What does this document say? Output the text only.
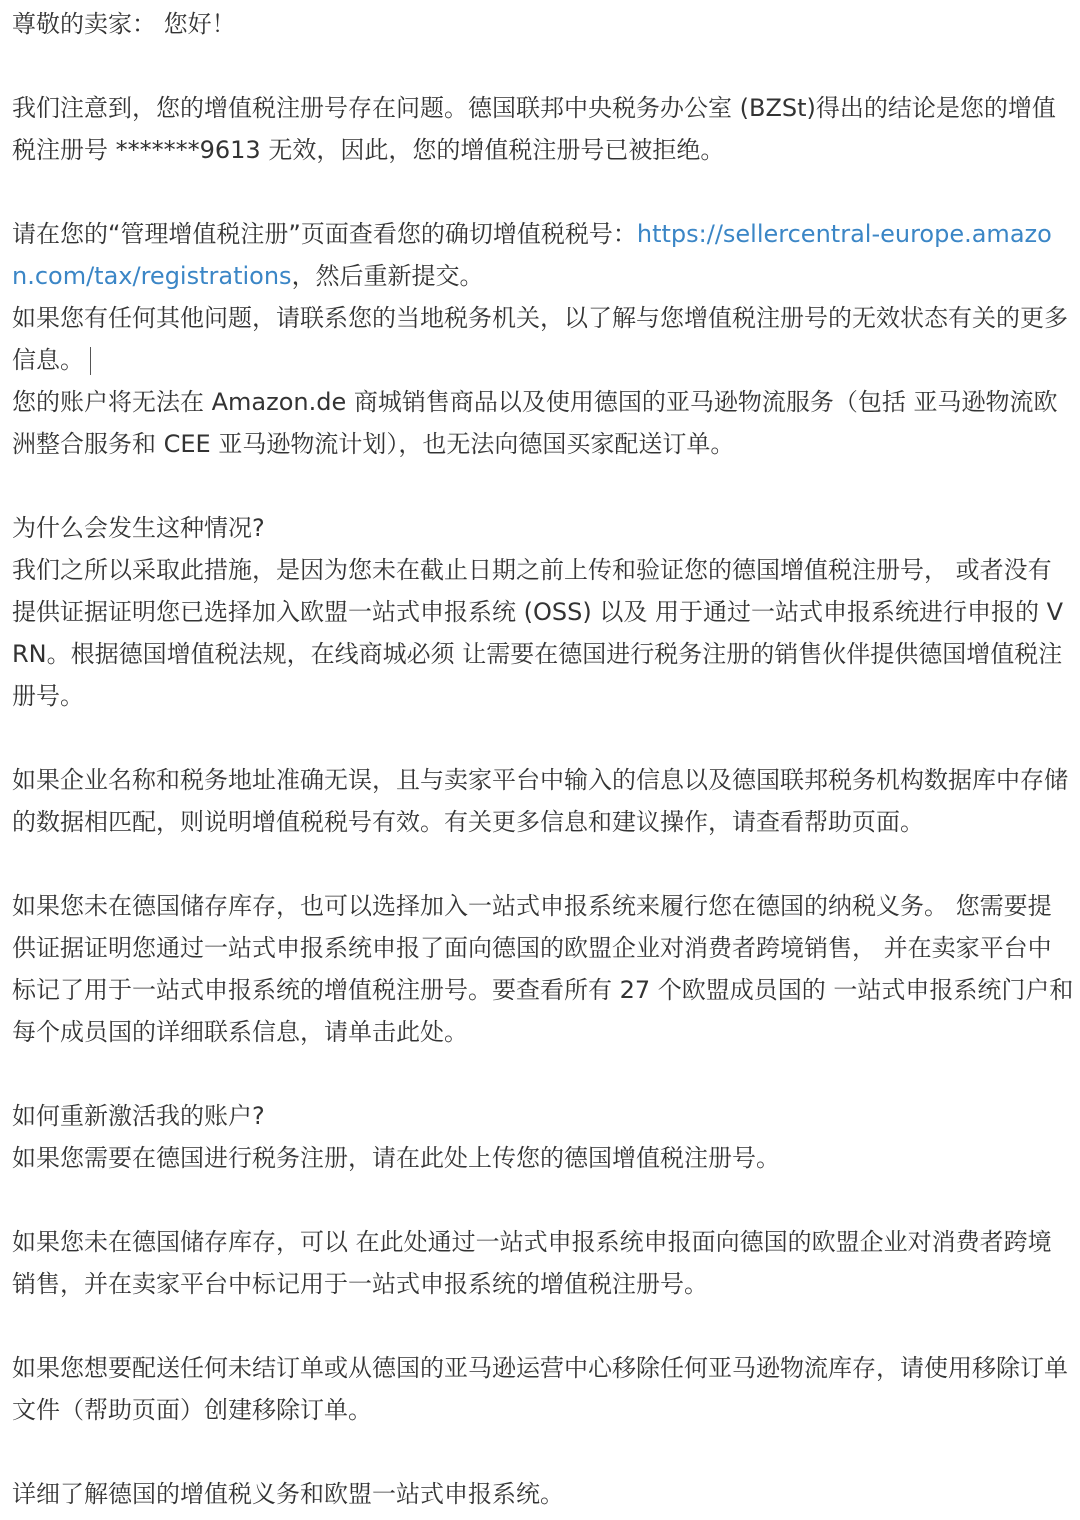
尊敬的卖家： 您好！

我们注意到，您的增值税注册号存在问题。德国联邦中央税务办公室 (BZSt)得出的结论是您的增值税注册号 *******9613 无效，因此，您的增值税注册号已被拒绝。

请在您的“管理增值税注册”页面查看您的确切增值税税号：https://sellercentral-europe.amazon.com/tax/registrations，然后重新提交。

如果您有任何其他问题，请联系您的当地税务机关，以了解与您增值税注册号的无效状态有关的更多信息。

您的账户将无法在 Amazon.de 商城销售商品以及使用德国的亚马逊物流服务（包括 亚马逊物流欧洲整合服务和 CEE 亚马逊物流计划），也无法向德国买家配送订单。

为什么会发生这种情况?

我们之所以采取此措施，是因为您未在截止日期之前上传和验证您的德国增值税注册号， 或者没有提供证据证明您已选择加入欧盟一站式申报系统 (OSS) 以及 用于通过一站式申报系统进行申报的 VRN。根据德国增值税法规，在线商城必须 让需要在德国进行税务注册的销售伙伴提供德国增值税注册号。

如果企业名称和税务地址准确无误，且与卖家平台中输入的信息以及德国联邦税务机构数据库中存储的数据相匹配，则说明增值税税号有效。有关更多信息和建议操作，请查看帮助页面。

如果您未在德国储存库存，也可以选择加入一站式申报系统来履行您在德国的纳税义务。 您需要提供证据证明您通过一站式申报系统申报了面向德国的欧盟企业对消费者跨境销售， 并在卖家平台中标记了用于一站式申报系统的增值税注册号。要查看所有 27 个欧盟成员国的 一站式申报系统门户和每个成员国的详细联系信息，请单击此处。

如何重新激活我的账户?

如果您需要在德国进行税务注册，请在此处上传您的德国增值税注册号。

如果您未在德国储存库存，可以 在此处通过一站式申报系统申报面向德国的欧盟企业对消费者跨境销售，并在卖家平台中标记用于一站式申报系统的增值税注册号。

如果您想要配送任何未结订单或从德国的亚马逊运营中心移除任何亚马逊物流库存，请使用移除订单文件（帮助页面）创建移除订单。

详细了解德国的增值税义务和欧盟一站式申报系统。
